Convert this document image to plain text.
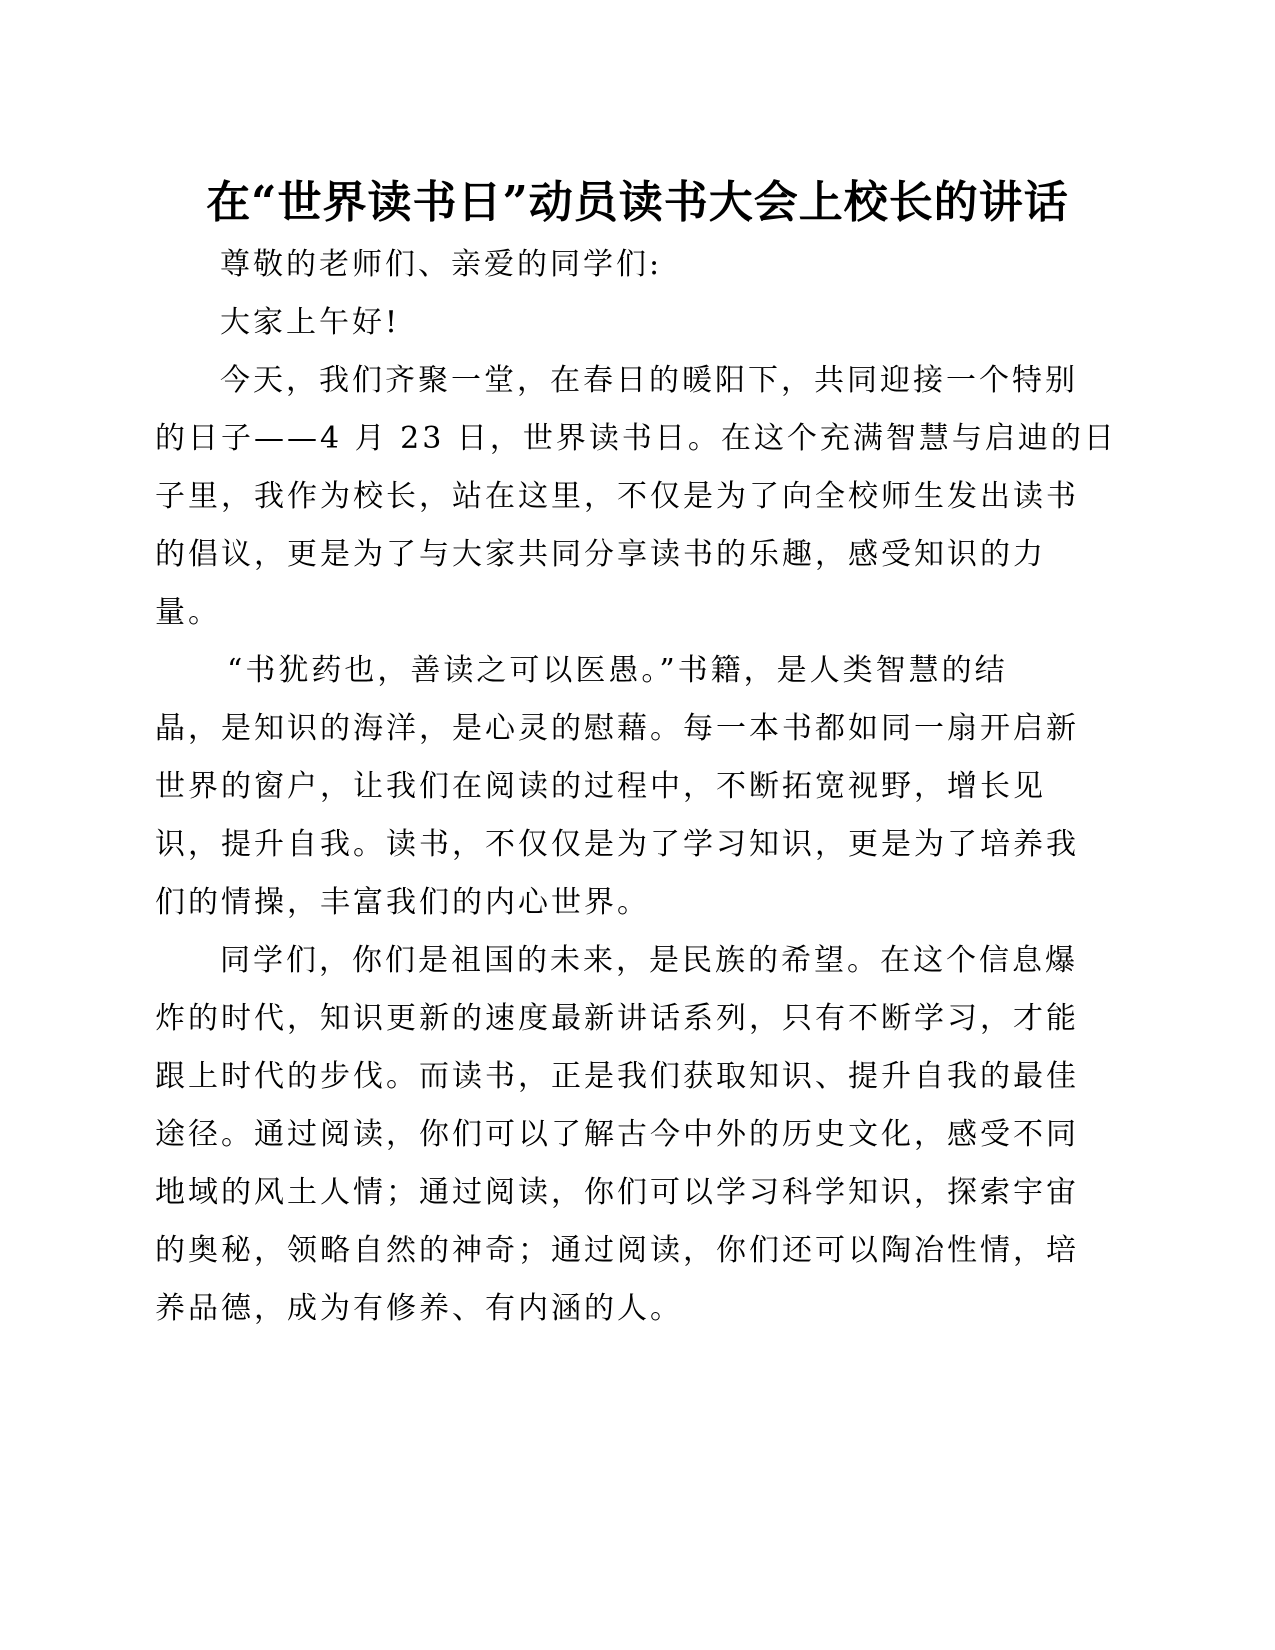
在“世界读书日”动员读书大会上校长的讲话
尊敬的老师们、亲爱的同学们:
大家上午好!
今天，我们齐聚一堂，在春日的暖阳下，共同迎接一个特别
的日子——4 月 23 日，世界读书日。在这个充满智慧与启迪的日
子里，我作为校长，站在这里，不仅是为了向全校师生发出读书
的倡议，更是为了与大家共同分享读书的乐趣，感受知识的力
量。
“书犹药也，善读之可以医愚。”书籍，是人类智慧的结
晶，是知识的海洋，是心灵的慰藉。每一本书都如同一扇开启新
世界的窗户，让我们在阅读的过程中，不断拓宽视野，增长见
识，提升自我。读书，不仅仅是为了学习知识，更是为了培养我
们的情操，丰富我们的内心世界。
同学们，你们是祖国的未来，是民族的希望。在这个信息爆
炸的时代，知识更新的速度最新讲话系列，只有不断学习，才能
跟上时代的步伐。而读书，正是我们获取知识、提升自我的最佳
途径。通过阅读，你们可以了解古今中外的历史文化，感受不同
地域的风土人情；通过阅读，你们可以学习科学知识，探索宇宙
的奥秘，领略自然的神奇；通过阅读，你们还可以陶冶性情，培
养品德，成为有修养、有内涵的人。
